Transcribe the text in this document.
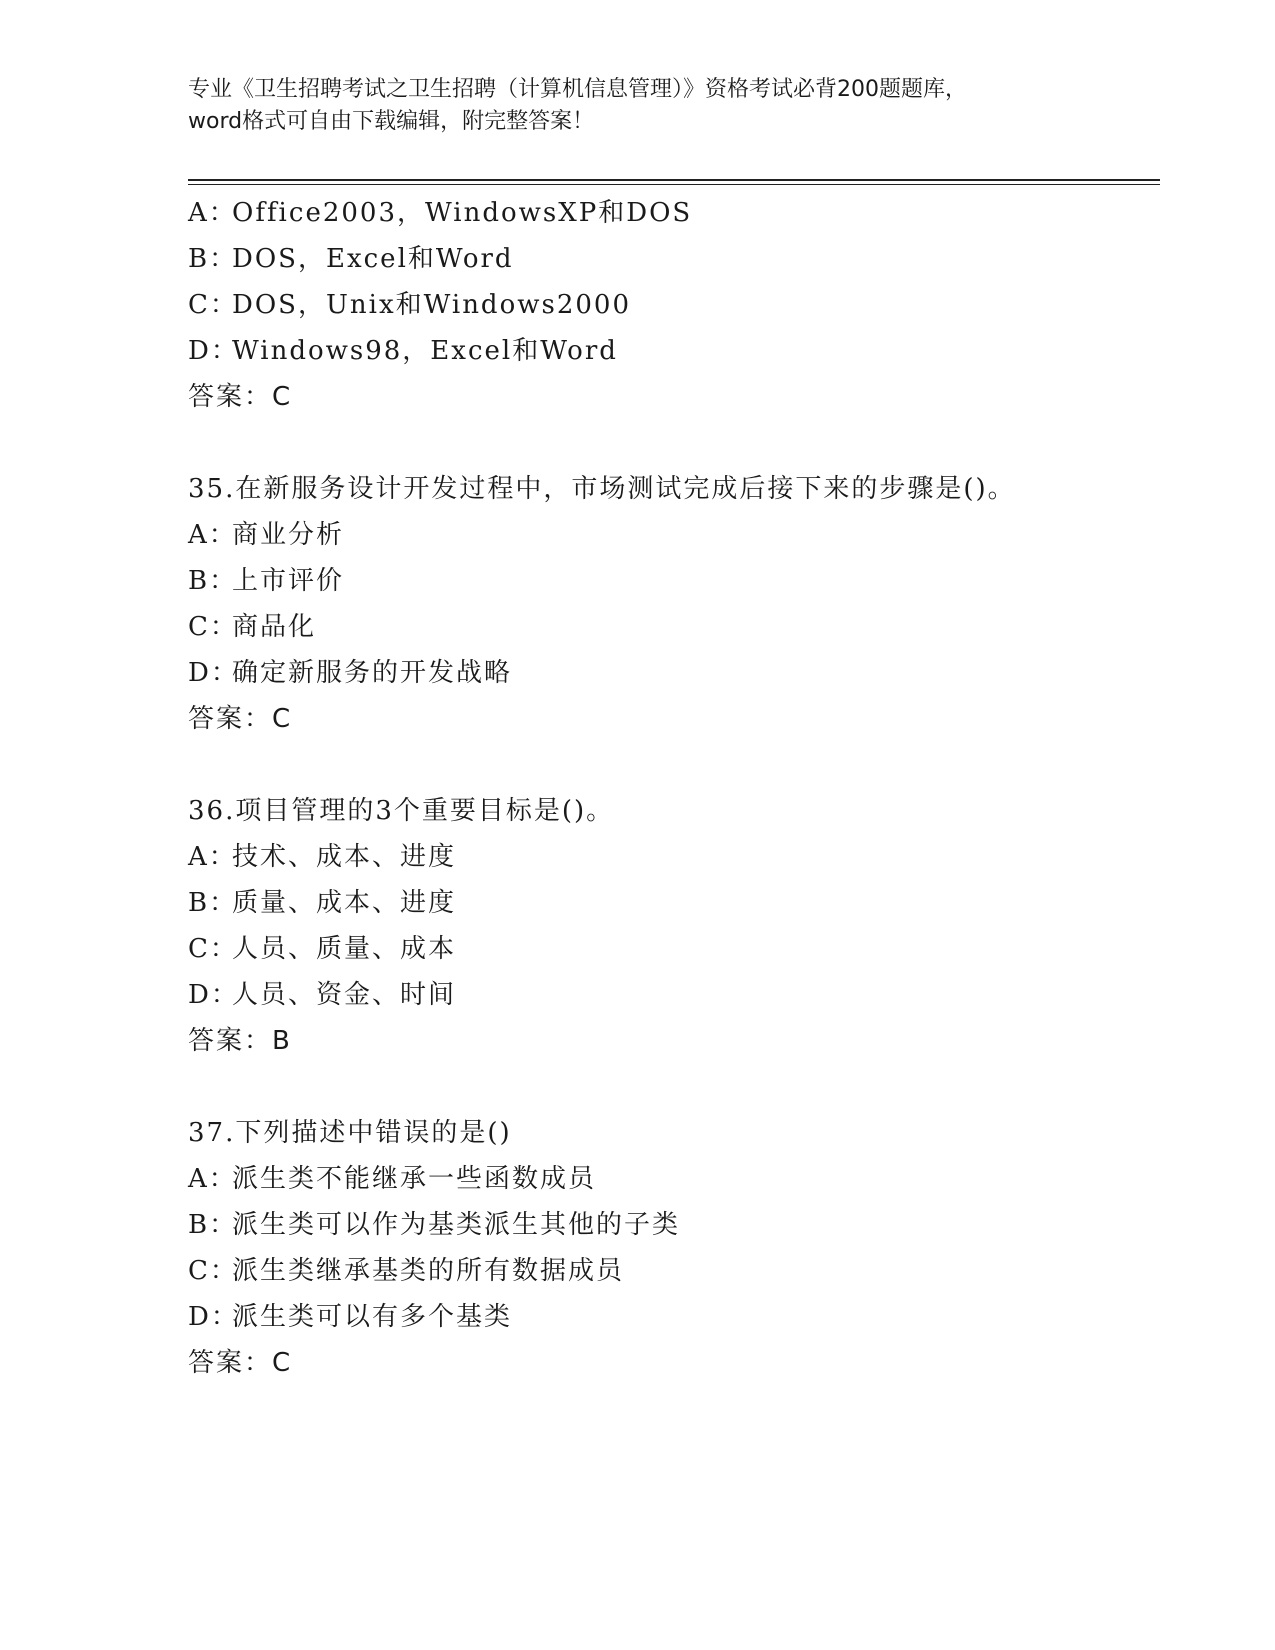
专业《卫生招聘考试之卫生招聘（计算机信息管理）》资格考试必背200题题库，
word格式可自由下载编辑，附完整答案！
A：Office2003，WindowsXP和DOS
B：DOS，Excel和Word
C：DOS，Unix和Windows2000
D：Windows98，Excel和Word
答案：C
35.在新服务设计开发过程中，市场测试完成后接下来的步骤是()。
A：商业分析
B：上市评价
C：商品化
D：确定新服务的开发战略
答案：C
36.项目管理的3个重要目标是()。
A：技术、成本、进度
B：质量、成本、进度
C：人员、质量、成本
D：人员、资金、时间
答案：B
37.下列描述中错误的是()
A：派生类不能继承一些函数成员
B：派生类可以作为基类派生其他的子类
C：派生类继承基类的所有数据成员
D：派生类可以有多个基类
答案：C
